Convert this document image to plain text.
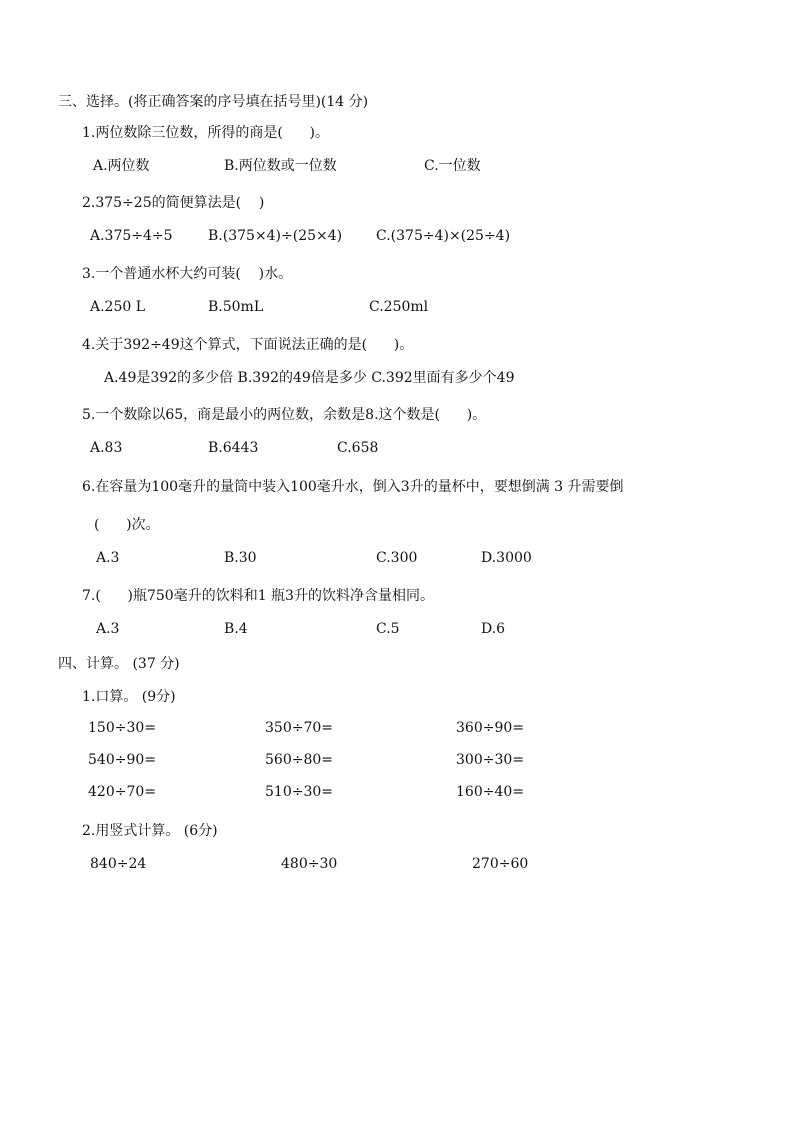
三、选择。(将正确答案的序号填在括号里)(14 分)
1.两位数除三位数，所得的商是(      )。
A.两位数	B.两位数或一位数	C.一位数
2.375÷25的简便算法是(    )
A.375÷4÷5	B.(375×4)÷(25×4) C.(375÷4)×(25÷4)
3.一个普通水杯大约可装(    )水。
A.250 L	B.50mL	C.250ml
4.关于392÷49这个算式，下面说法正确的是(      )。
A.49是392的多少倍 B.392的49倍是多少 C.392里面有多少个49
5.一个数除以65，商是最小的两位数，余数是8.这个数是(      )。
A.83	B.6443	C.658
6.在容量为100毫升的量筒中装入100毫升水，倒入3升的量杯中，要想倒满 3 升需要倒
(      )次。
A.3	B.30	C.300	D.3000
7.(      )瓶750毫升的饮料和1 瓶3升的饮料净含量相同。
A.3	B.4	C.5	D.6
四、计算。 (37 分)
1.口算。 (9分)
150÷30=	350÷70=	360÷90=
540÷90=	560÷80=	300÷30=
420÷70=	510÷30=	160÷40=
2.用竖式计算。 (6分)
840÷24	480÷30	270÷60
